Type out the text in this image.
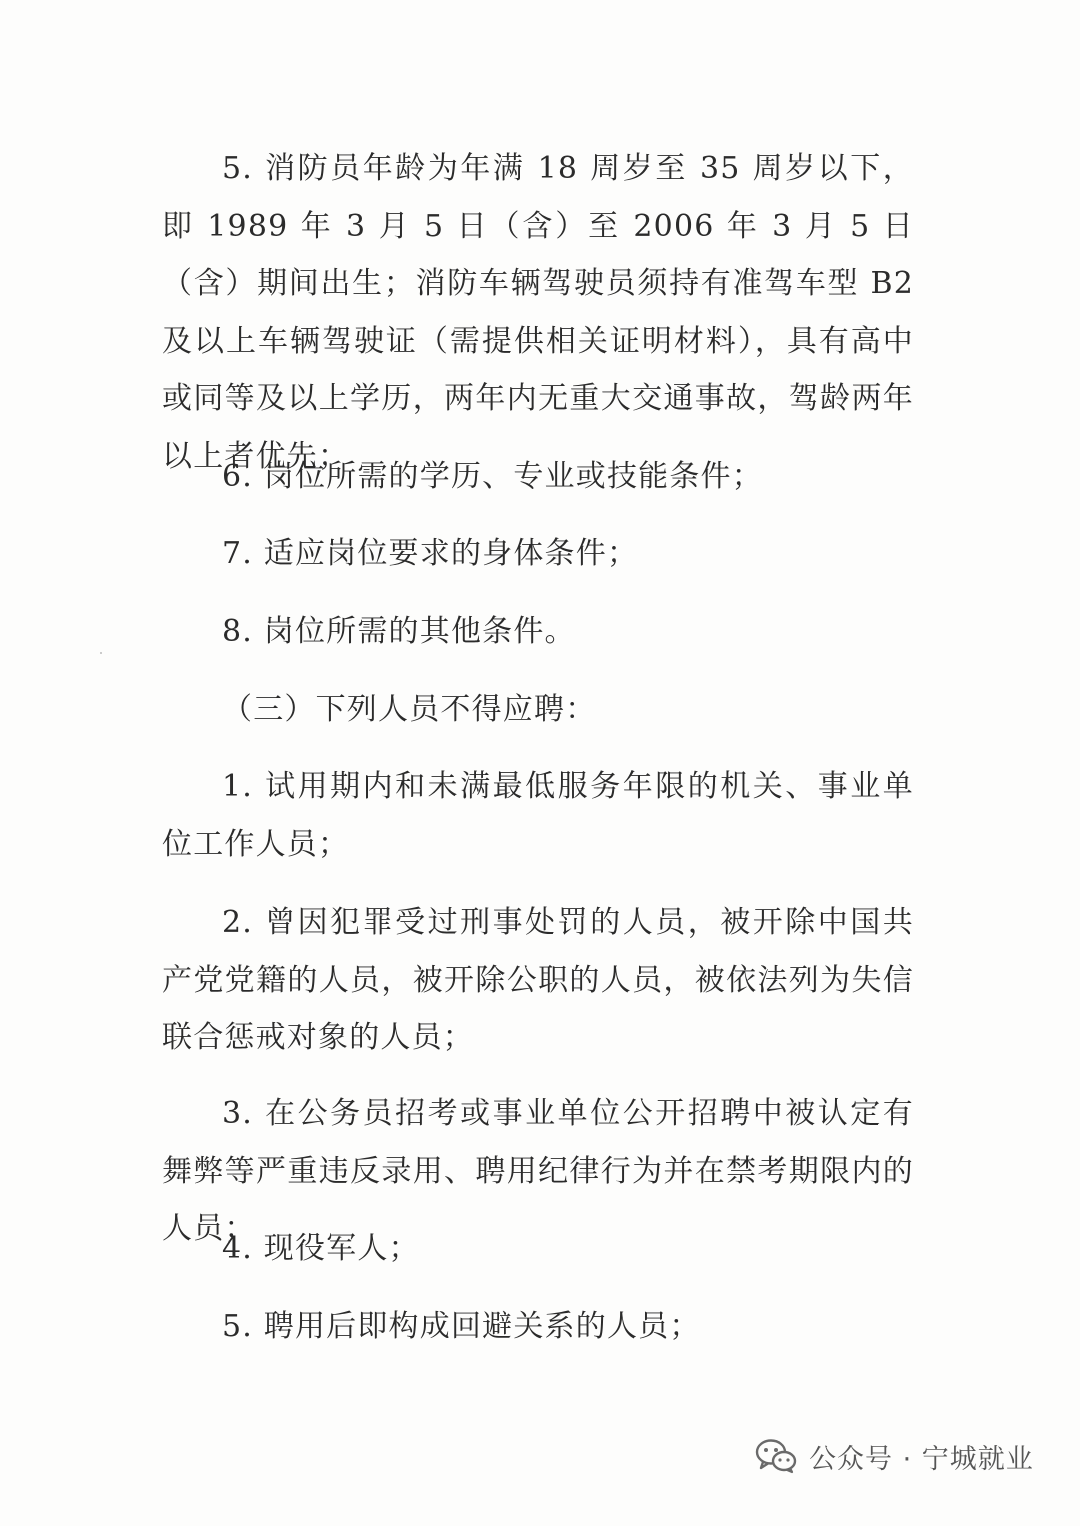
5. 消防员年龄为年满 18 周岁至 35 周岁以下，即 1989 年 3 月 5 日（含）至 2006 年 3 月 5 日（含）期间出生；消防车辆驾驶员须持有准驾车型 B2 及以上车辆驾驶证（需提供相关证明材料），具有高中或同等及以上学历，两年内无重大交通事故，驾龄两年以上者优先；

6. 岗位所需的学历、专业或技能条件；

7. 适应岗位要求的身体条件；

8. 岗位所需的其他条件。

（三）下列人员不得应聘：

1. 试用期内和未满最低服务年限的机关、事业单位工作人员；

2. 曾因犯罪受过刑事处罚的人员，被开除中国共产党党籍的人员，被开除公职的人员，被依法列为失信联合惩戒对象的人员；

3. 在公务员招考或事业单位公开招聘中被认定有舞弊等严重违反录用、聘用纪律行为并在禁考期限内的人员；

4. 现役军人；

5. 聘用后即构成回避关系的人员；

公众号 · 宁城就业
